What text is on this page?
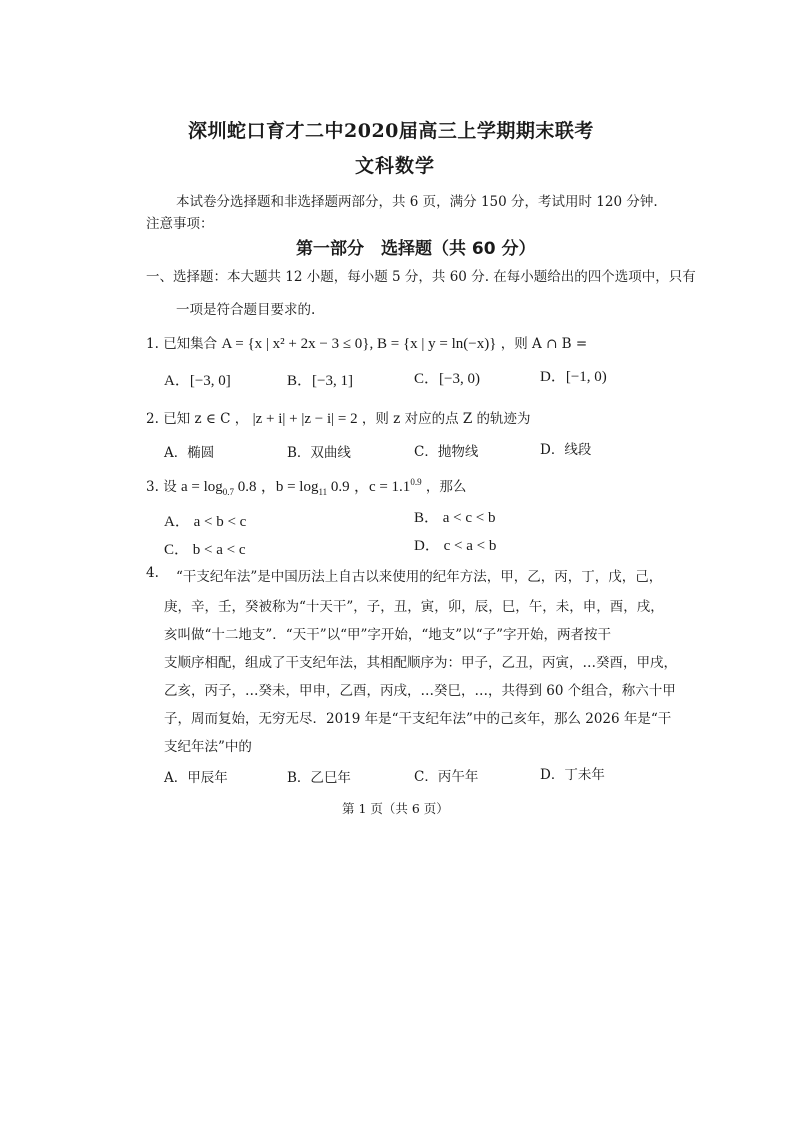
深圳蛇口育才二中2020届高三上学期期末联考
文科数学
本试卷分选择题和非选择题两部分，共 6 页，满分 150 分，考试用时 120 分钟.
注意事项：
第一部分　选择题（共 60 分）
一、选择题：本大题共 12 小题，每小题 5 分，共 60 分. 在每小题给出的四个选项中，只有
一项是符合题目要求的.
1. 已知集合 A = {x | x² + 2x − 3 ≤ 0}, B = {x | y = ln(−x)} ，则 A ∩ B =
A．[−3, 0]	B．[−3, 1]	C．[−3, 0)	D．[−1, 0)
2. 已知 z ∈ C ， |z + i| + |z − i| = 2 ，则 z 对应的点 Z 的轨迹为
A．椭圆	B．双曲线	C．抛物线	D．线段
3. 设 $a = \log_{0.7} 0.8$ ，$b = \log_{11} 0.9$ ，$c = 1.1^{0.9}$ ，那么
A． a < b < c	B． a < c < b
C． b < a < c	D． c < a < b
4. “干支纪年法”是中国历法上自古以来使用的纪年方法，甲，乙，丙，丁，戊，己，
庚，辛，壬，癸被称为“十天干”，子，丑，寅，卯，辰，巳，午，未，申，酉，戌，
亥叫做“十二地支”．“天干”以“甲”字开始，“地支”以“子”字开始，两者按干
支顺序相配，组成了干支纪年法，其相配顺序为：甲子，乙丑，丙寅，…癸酉，甲戌，
乙亥，丙子，…癸未，甲申，乙酉，丙戌，…癸巳，…，共得到 60 个组合，称六十甲
子，周而复始，无穷无尽．2019 年是“干支纪年法”中的己亥年，那么 2026 年是“干
支纪年法”中的
A．甲辰年	B．乙巳年	C．丙午年	D．丁未年
第 1 页（共 6 页）
